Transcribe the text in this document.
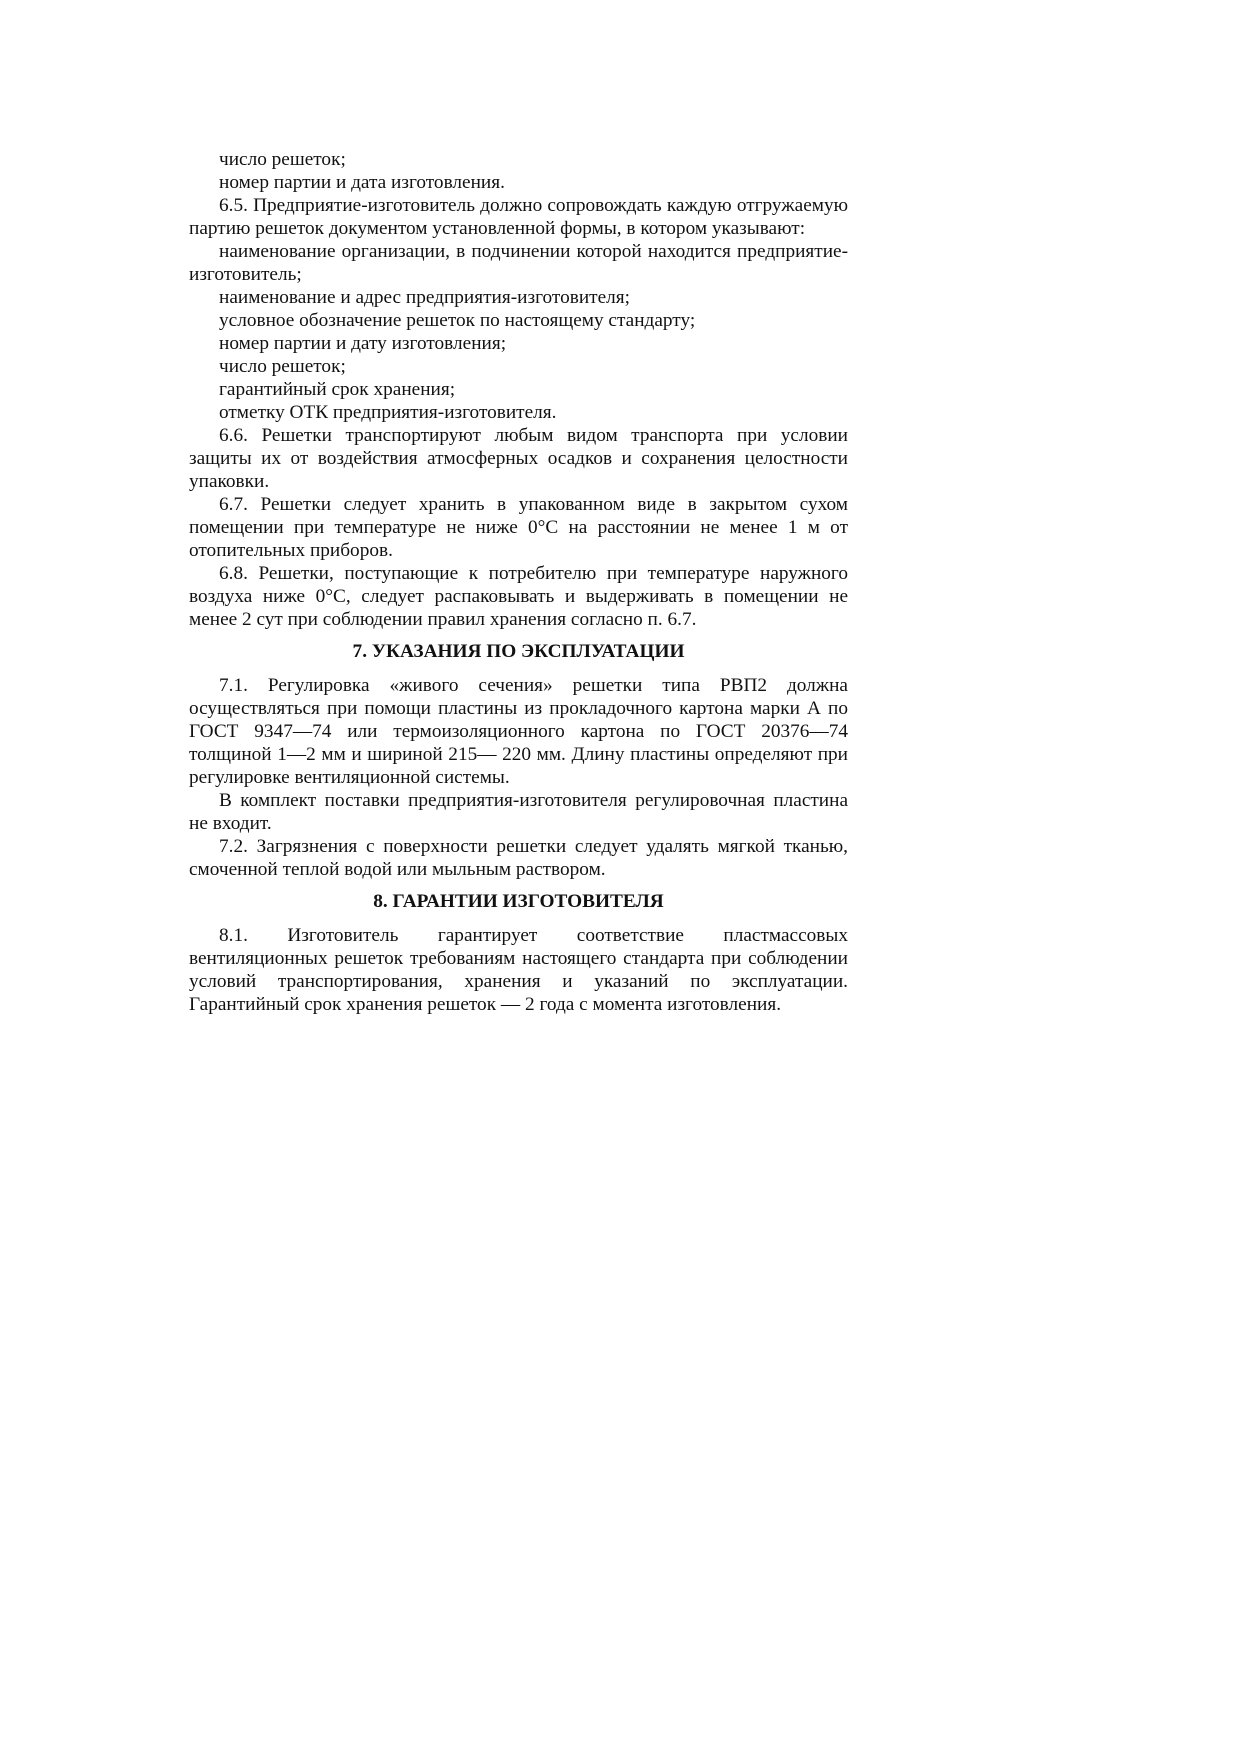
число решеток;

номер партии и дата изготовления.

6.5. Предприятие-изготовитель должно сопровождать каждую отгружаемую партию решеток документом установленной формы, в котором указывают:

наименование организации, в подчинении которой находится предприятие-изготовитель;

наименование и адрес предприятия-изготовителя;

условное обозначение решеток по настоящему стандарту;

номер партии и дату изготовления;

число решеток;

гарантийный срок хранения;

отметку ОТК предприятия-изготовителя.

6.6. Решетки транспортируют любым видом транспорта при условии защиты их от воздействия атмосферных осадков и сохранения целостности упаковки.

6.7. Решетки следует хранить в упакованном виде в закрытом сухом помещении при температуре не ниже 0°С на расстоянии не менее 1 м от отопительных приборов.

6.8. Решетки, поступающие к потребителю при температуре наружного воздуха ниже 0°С, следует распаковывать и выдерживать в помещении не менее 2 сут при соблюдении правил хранения согласно п. 6.7.

7. УКАЗАНИЯ ПО ЭКСПЛУАТАЦИИ

7.1. Регулировка «живого сечения» решетки типа РВП2 должна осуществляться при помощи пластины из прокладочного картона марки А по ГОСТ 9347—74 или термоизоляционного картона по ГОСТ 20376—74 толщиной 1—2 мм и шириной 215— 220 мм. Длину пластины определяют при регулировке вентиляционной системы.

В комплект поставки предприятия-изготовителя регулировочная пластина не входит.

7.2. Загрязнения с поверхности решетки следует удалять мягкой тканью, смоченной теплой водой или мыльным раствором.

8. ГАРАНТИИ ИЗГОТОВИТЕЛЯ

8.1. Изготовитель гарантирует соответствие пластмассовых вентиляционных решеток требованиям настоящего стандарта при соблюдении условий транспортирования, хранения и указаний по эксплуатации. Гарантийный срок хранения решеток — 2 года с момента изготовления.
